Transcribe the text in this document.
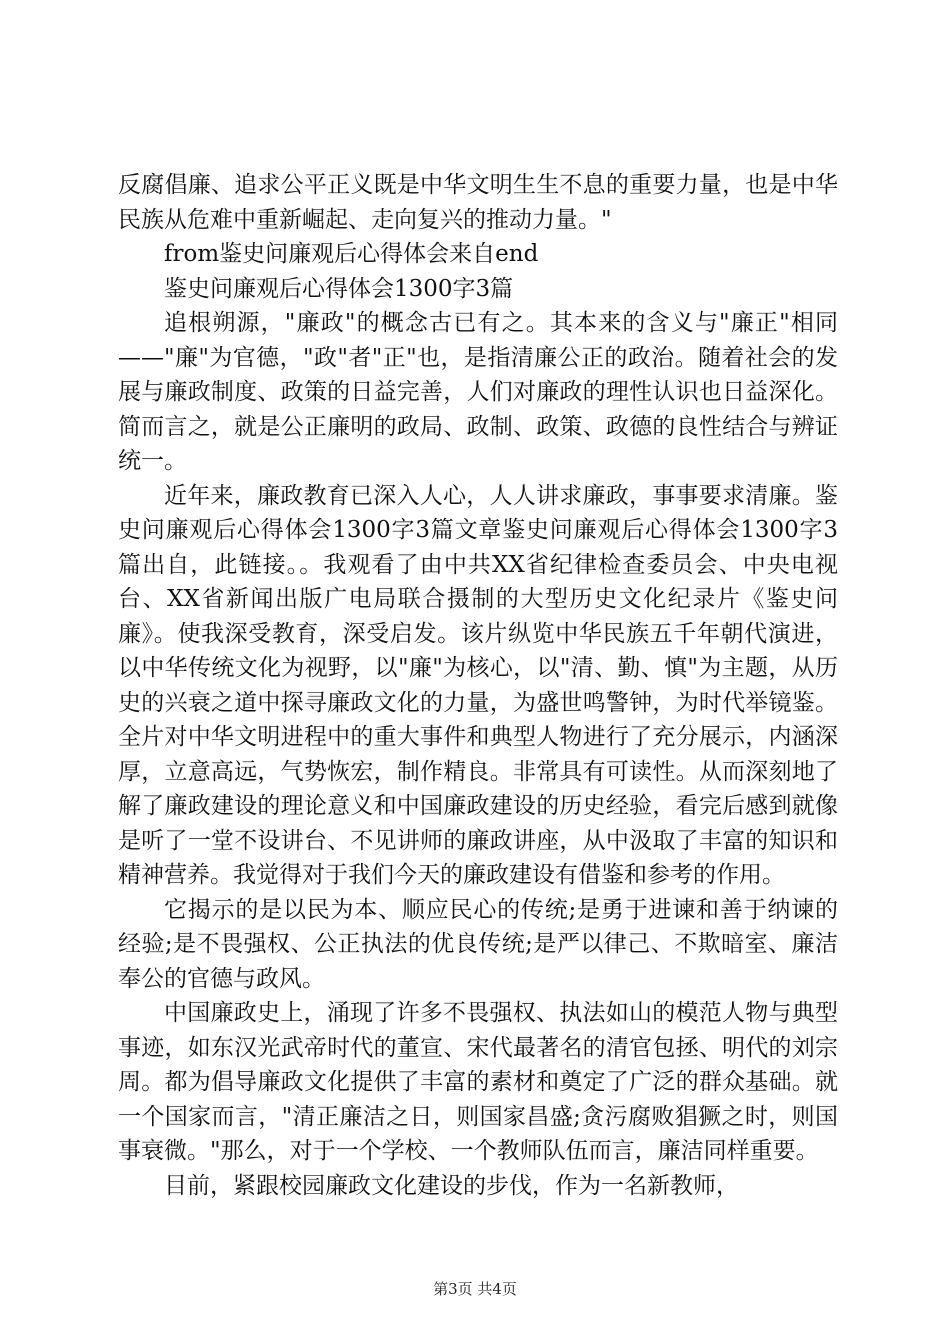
反腐倡廉、追求公平正义既是中华文明生生不息的重要力量，也是中华民族从危难中重新崛起、走向复兴的推动力量。"

from鉴史问廉观后心得体会来自end

鉴史问廉观后心得体会1300字3篇

追根朔源，"廉政"的概念古已有之。其本来的含义与"廉正"相同——"廉"为官德，"政"者"正"也，是指清廉公正的政治。随着社会的发展与廉政制度、政策的日益完善，人们对廉政的理性认识也日益深化。简而言之，就是公正廉明的政局、政制、政策、政德的良性结合与辨证统一。

近年来，廉政教育已深入人心，人人讲求廉政，事事要求清廉。鉴史问廉观后心得体会1300字3篇文章鉴史问廉观后心得体会1300字3篇出自，此链接。。我观看了由中共XX省纪律检查委员会、中央电视台、XX省新闻出版广电局联合摄制的大型历史文化纪录片《鉴史问廉》。使我深受教育，深受启发。该片纵览中华民族五千年朝代演进，以中华传统文化为视野，以"廉"为核心，以"清、勤、慎"为主题，从历史的兴衰之道中探寻廉政文化的力量，为盛世鸣警钟，为时代举镜鉴。全片对中华文明进程中的重大事件和典型人物进行了充分展示，内涵深厚，立意高远，气势恢宏，制作精良。非常具有可读性。从而深刻地了解了廉政建设的理论意义和中国廉政建设的历史经验，看完后感到就像是听了一堂不设讲台、不见讲师的廉政讲座，从中汲取了丰富的知识和精神营养。我觉得对于我们今天的廉政建设有借鉴和参考的作用。

它揭示的是以民为本、顺应民心的传统;是勇于进谏和善于纳谏的经验;是不畏强权、公正执法的优良传统;是严以律己、不欺暗室、廉洁奉公的官德与政风。

中国廉政史上，涌现了许多不畏强权、执法如山的模范人物与典型事迹，如东汉光武帝时代的董宣、宋代最著名的清官包拯、明代的刘宗周。都为倡导廉政文化提供了丰富的素材和奠定了广泛的群众基础。就一个国家而言，"清正廉洁之日，则国家昌盛;贪污腐败猖獗之时，则国事衰微。"那么，对于一个学校、一个教师队伍而言，廉洁同样重要。

目前，紧跟校园廉政文化建设的步伐，作为一名新教师，

第3页 共4页
